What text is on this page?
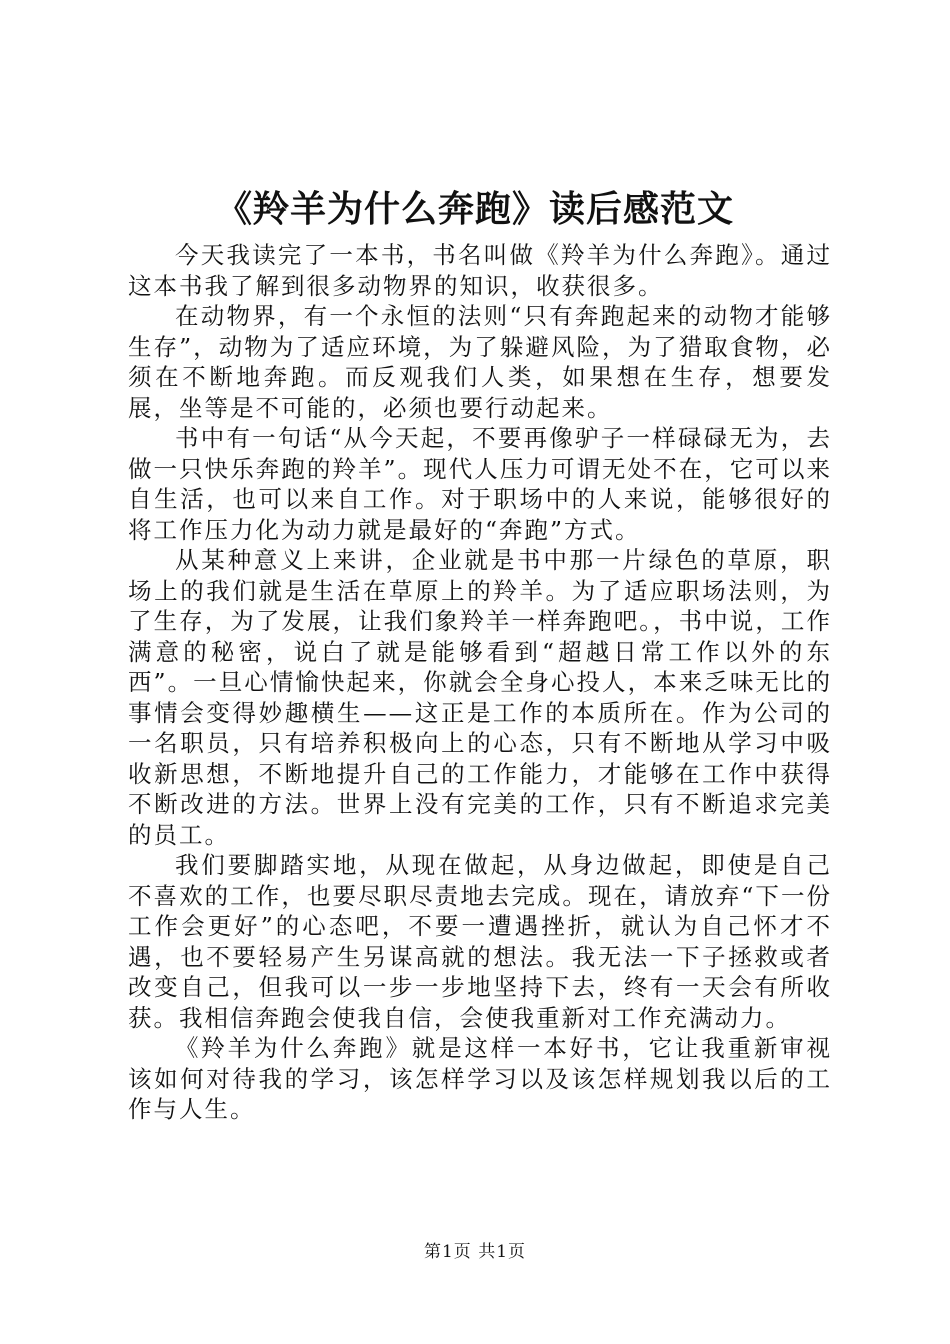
《羚羊为什么奔跑》读后感范文

今天我读完了一本书，书名叫做《羚羊为什么奔跑》。通过这本书我了解到很多动物界的知识，收获很多。

在动物界，有一个永恒的法则“只有奔跑起来的动物才能够生存”，动物为了适应环境，为了躲避风险，为了猎取食物，必须在不断地奔跑。而反观我们人类，如果想在生存，想要发展，坐等是不可能的，必须也要行动起来。

书中有一句话“从今天起，不要再像驴子一样碌碌无为，去做一只快乐奔跑的羚羊”。现代人压力可谓无处不在，它可以来自生活，也可以来自工作。对于职场中的人来说，能够很好的将工作压力化为动力就是最好的“奔跑”方式。

从某种意义上来讲，企业就是书中那一片绿色的草原，职场上的我们就是生活在草原上的羚羊。为了适应职场法则，为了生存，为了发展，让我们象羚羊一样奔跑吧。，书中说，工作满意的秘密，说白了就是能够看到“超越日常工作以外的东西”。一旦心情愉快起来，你就会全身心投人，本来乏味无比的事情会变得妙趣横生——这正是工作的本质所在。作为公司的一名职员，只有培养积极向上的心态，只有不断地从学习中吸收新思想，不断地提升自己的工作能力，才能够在工作中获得不断改进的方法。世界上没有完美的工作，只有不断追求完美的员工。

我们要脚踏实地，从现在做起，从身边做起，即使是自己不喜欢的工作，也要尽职尽责地去完成。现在，请放弃“下一份工作会更好”的心态吧，不要一遭遇挫折，就认为自己怀才不遇，也不要轻易产生另谋高就的想法。我无法一下子拯救或者改变自己，但我可以一步一步地坚持下去，终有一天会有所收获。我相信奔跑会使我自信，会使我重新对工作充满动力。

《羚羊为什么奔跑》就是这样一本好书，它让我重新审视该如何对待我的学习，该怎样学习以及该怎样规划我以后的工作与人生。

第1页 共1页
